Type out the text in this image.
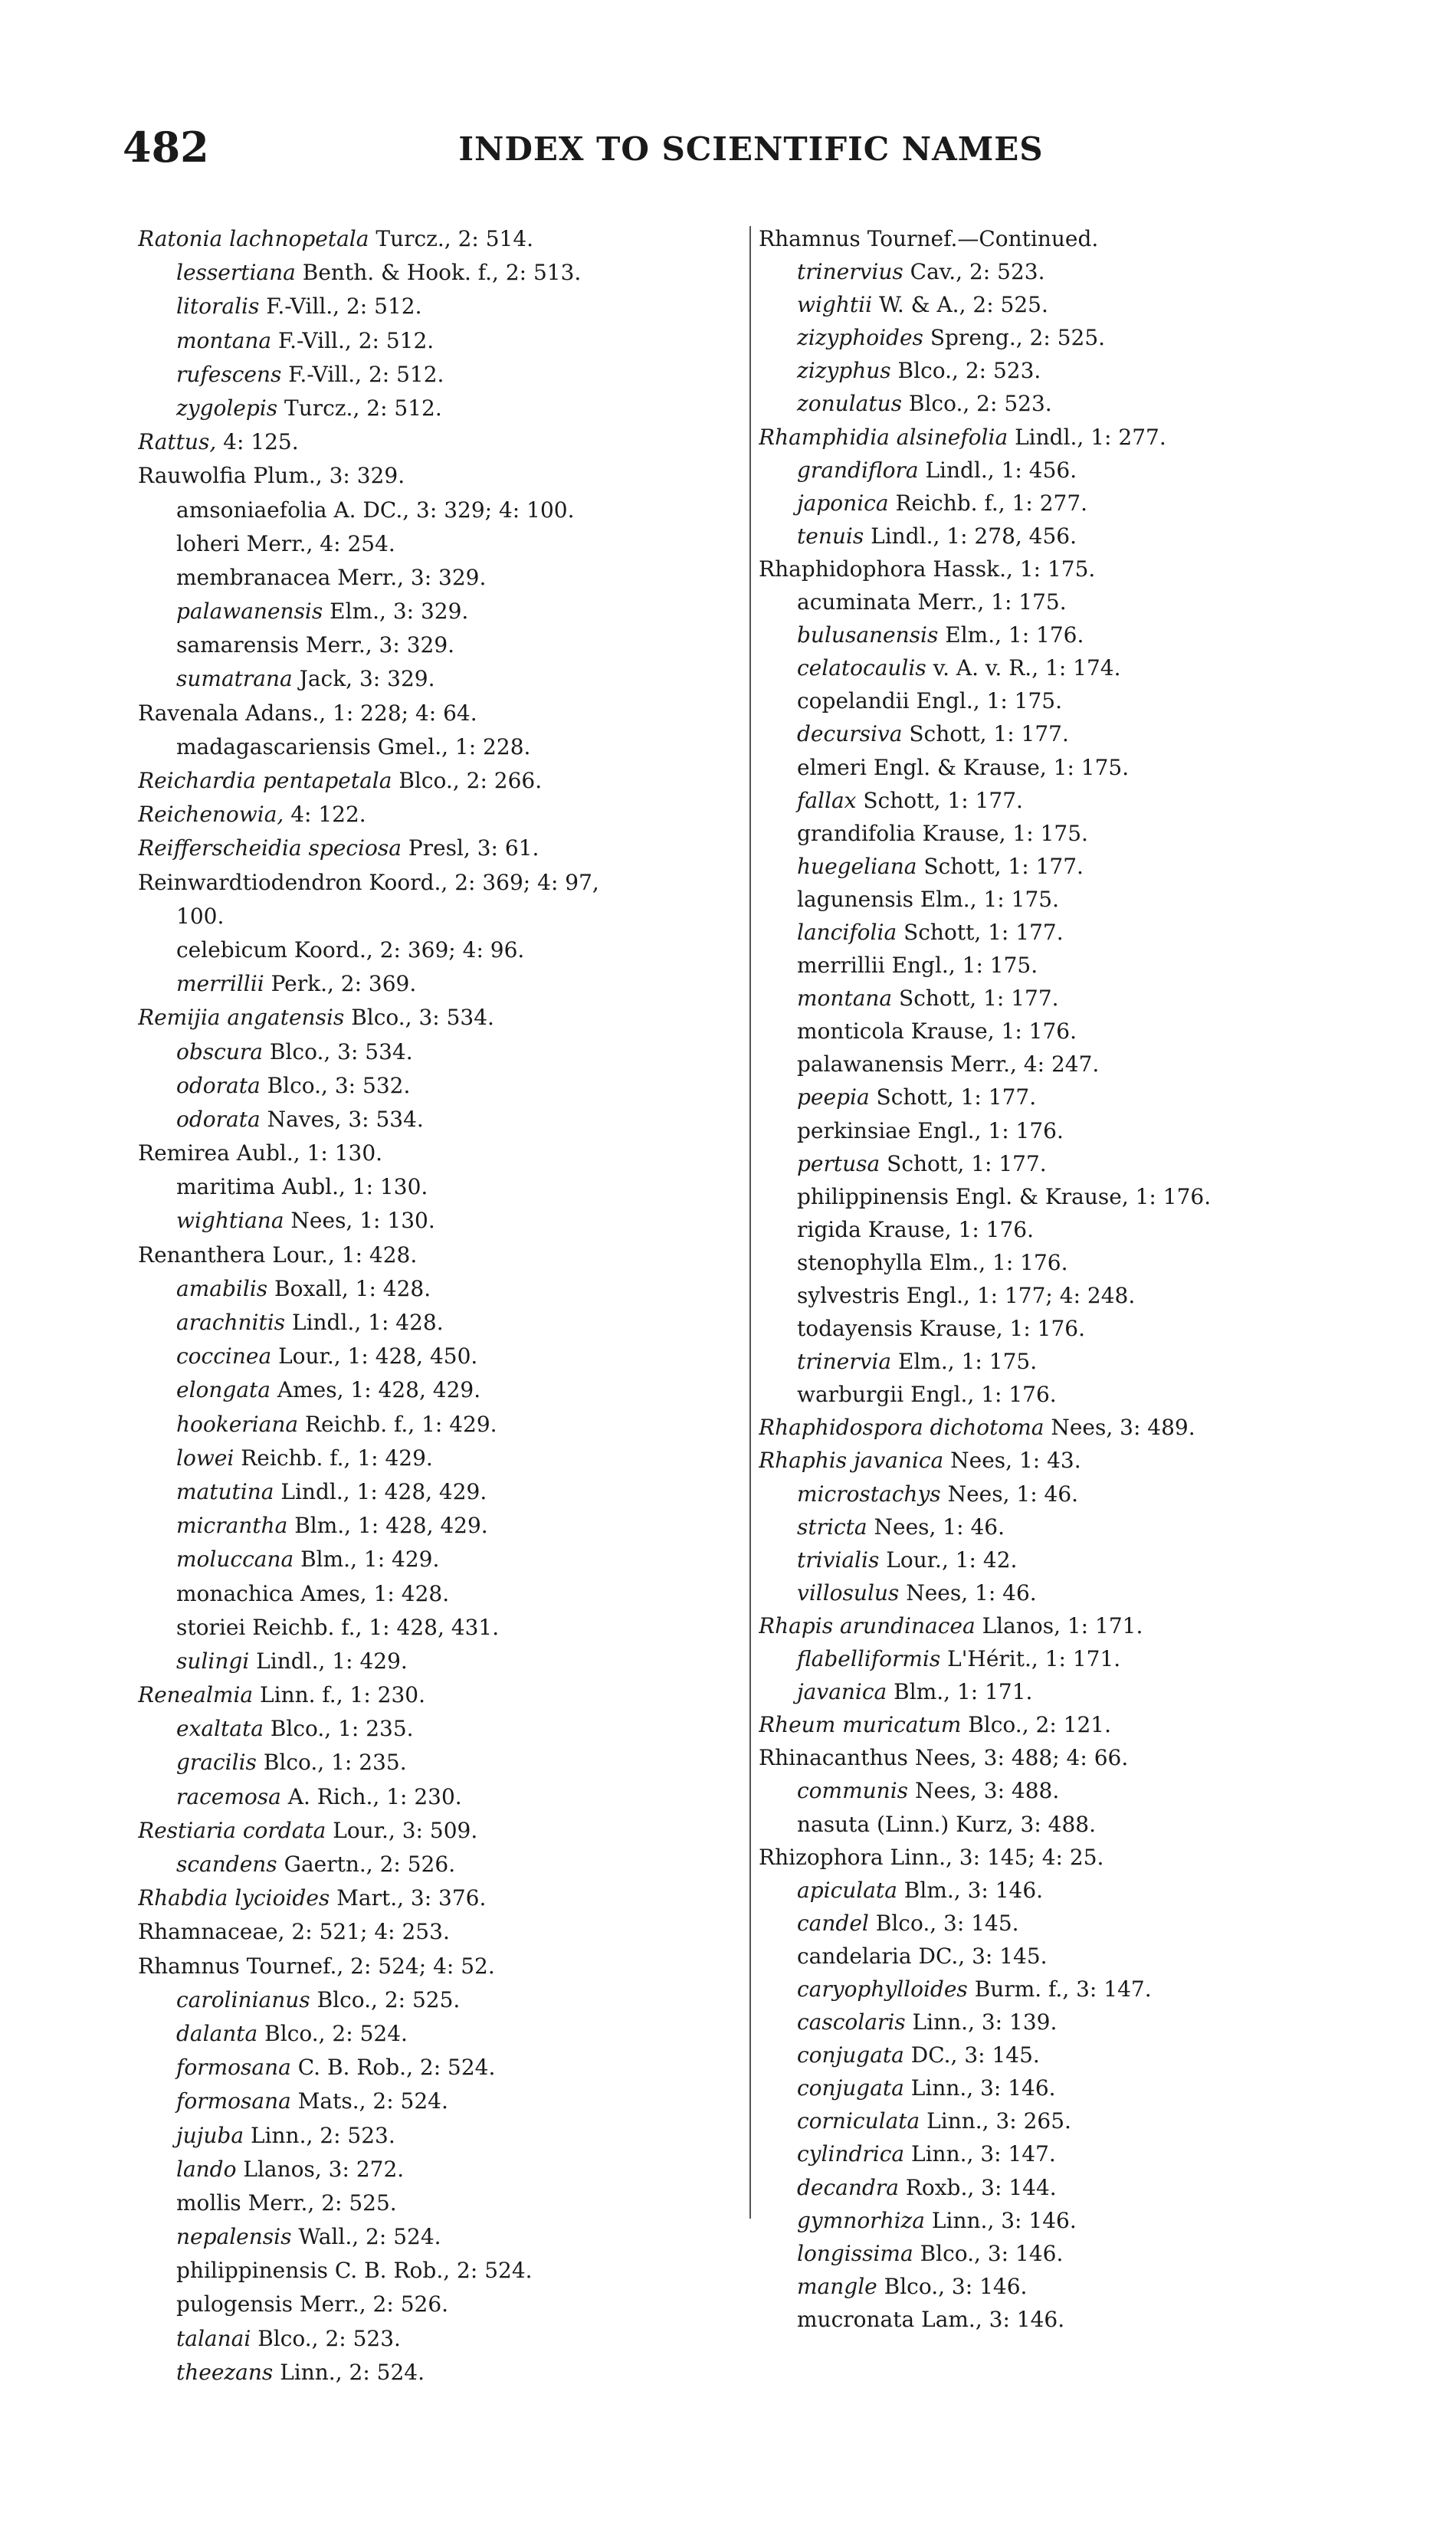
482	INDEX TO SCIENTIFIC NAMES
Ratonia lachnopetala Turcz., 2: 514.
lessertiana Benth. & Hook. f., 2: 513.
litoralis F.-Vill., 2: 512.
montana F.-Vill., 2: 512.
rufescens F.-Vill., 2: 512.
zygolepis Turcz., 2: 512.
Rattus, 4: 125.
Rauwolfia Plum., 3: 329.
amsoniaefolia A. DC., 3: 329; 4: 100.
loheri Merr., 4: 254.
membranacea Merr., 3: 329.
palawanensis Elm., 3: 329.
samarensis Merr., 3: 329.
sumatrana Jack, 3: 329.
Ravenala Adans., 1: 228; 4: 64.
madagascariensis Gmel., 1: 228.
Reichardia pentapetala Blco., 2: 266.
Reichenowia, 4: 122.
Reifferscheidia speciosa Presl, 3: 61.
Reinwardtiodendron Koord., 2: 369; 4: 97,
100.
celebicum Koord., 2: 369; 4: 96.
merrillii Perk., 2: 369.
Remijia angatensis Blco., 3: 534.
obscura Blco., 3: 534.
odorata Blco., 3: 532.
odorata Naves, 3: 534.
Remirea Aubl., 1: 130.
maritima Aubl., 1: 130.
wightiana Nees, 1: 130.
Renanthera Lour., 1: 428.
amabilis Boxall, 1: 428.
arachnitis Lindl., 1: 428.
coccinea Lour., 1: 428, 450.
elongata Ames, 1: 428, 429.
hookeriana Reichb. f., 1: 429.
lowei Reichb. f., 1: 429.
matutina Lindl., 1: 428, 429.
micrantha Blm., 1: 428, 429.
moluccana Blm., 1: 429.
monachica Ames, 1: 428.
storiei Reichb. f., 1: 428, 431.
sulingi Lindl., 1: 429.
Renealmia Linn. f., 1: 230.
exaltata Blco., 1: 235.
gracilis Blco., 1: 235.
racemosa A. Rich., 1: 230.
Restiaria cordata Lour., 3: 509.
scandens Gaertn., 2: 526.
Rhabdia lycioides Mart., 3: 376.
Rhamnaceae, 2: 521; 4: 253.
Rhamnus Tournef., 2: 524; 4: 52.
carolinianus Blco., 2: 525.
dalanta Blco., 2: 524.
formosana C. B. Rob., 2: 524.
formosana Mats., 2: 524.
jujuba Linn., 2: 523.
lando Llanos, 3: 272.
mollis Merr., 2: 525.
nepalensis Wall., 2: 524.
philippinensis C. B. Rob., 2: 524.
pulogensis Merr., 2: 526.
talanai Blco., 2: 523.
theezans Linn., 2: 524.
Rhamnus Tournef.—Continued.
trinervius Cav., 2: 523.
wightii W. & A., 2: 525.
zizyphoides Spreng., 2: 525.
zizyphus Blco., 2: 523.
zonulatus Blco., 2: 523.
Rhamphidia alsinefolia Lindl., 1: 277.
grandiflora Lindl., 1: 456.
japonica Reichb. f., 1: 277.
tenuis Lindl., 1: 278, 456.
Rhaphidophora Hassk., 1: 175.
acuminata Merr., 1: 175.
bulusanensis Elm., 1: 176.
celatocaulis v. A. v. R., 1: 174.
copelandii Engl., 1: 175.
decursiva Schott, 1: 177.
elmeri Engl. & Krause, 1: 175.
fallax Schott, 1: 177.
grandifolia Krause, 1: 175.
huegeliana Schott, 1: 177.
lagunensis Elm., 1: 175.
lancifolia Schott, 1: 177.
merrillii Engl., 1: 175.
montana Schott, 1: 177.
monticola Krause, 1: 176.
palawanensis Merr., 4: 247.
peepia Schott, 1: 177.
perkinsiae Engl., 1: 176.
pertusa Schott, 1: 177.
philippinensis Engl. & Krause, 1: 176.
rigida Krause, 1: 176.
stenophylla Elm., 1: 176.
sylvestris Engl., 1: 177; 4: 248.
todayensis Krause, 1: 176.
trinervia Elm., 1: 175.
warburgii Engl., 1: 176.
Rhaphidospora dichotoma Nees, 3: 489.
Rhaphis javanica Nees, 1: 43.
microstachys Nees, 1: 46.
stricta Nees, 1: 46.
trivialis Lour., 1: 42.
villosulus Nees, 1: 46.
Rhapis arundinacea Llanos, 1: 171.
flabelliformis L'Hérit., 1: 171.
javanica Blm., 1: 171.
Rheum muricatum Blco., 2: 121.
Rhinacanthus Nees, 3: 488; 4: 66.
communis Nees, 3: 488.
nasuta (Linn.) Kurz, 3: 488.
Rhizophora Linn., 3: 145; 4: 25.
apiculata Blm., 3: 146.
candel Blco., 3: 145.
candelaria DC., 3: 145.
caryophylloides Burm. f., 3: 147.
cascolaris Linn., 3: 139.
conjugata DC., 3: 145.
conjugata Linn., 3: 146.
corniculata Linn., 3: 265.
cylindrica Linn., 3: 147.
decandra Roxb., 3: 144.
gymnorhiza Linn., 3: 146.
longissima Blco., 3: 146.
mangle Blco., 3: 146.
mucronata Lam., 3: 146.
